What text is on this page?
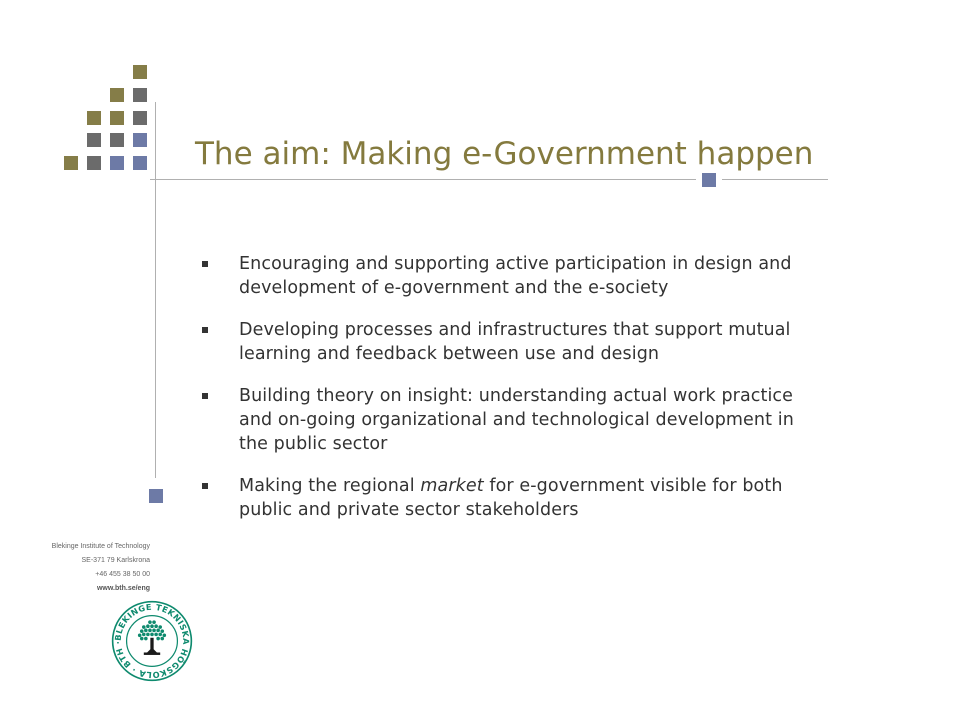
The aim: Making e-Government happen
Encouraging and supporting active participation in design and development of e-government and the e-society
Developing processes and infrastructures that support mutual learning and feedback between use and design
Building theory on insight: understanding actual work practice and on-going organizational and technological development in the public sector
Making the regional market for e-government visible for both public and private sector stakeholders
Blekinge Institute of Technology
SE-371 79 Karlskrona
+46 455 38 50 00
www.bth.se/eng
BLEKINGE TEKNISKA HÖGSKOLA · BTH ·
